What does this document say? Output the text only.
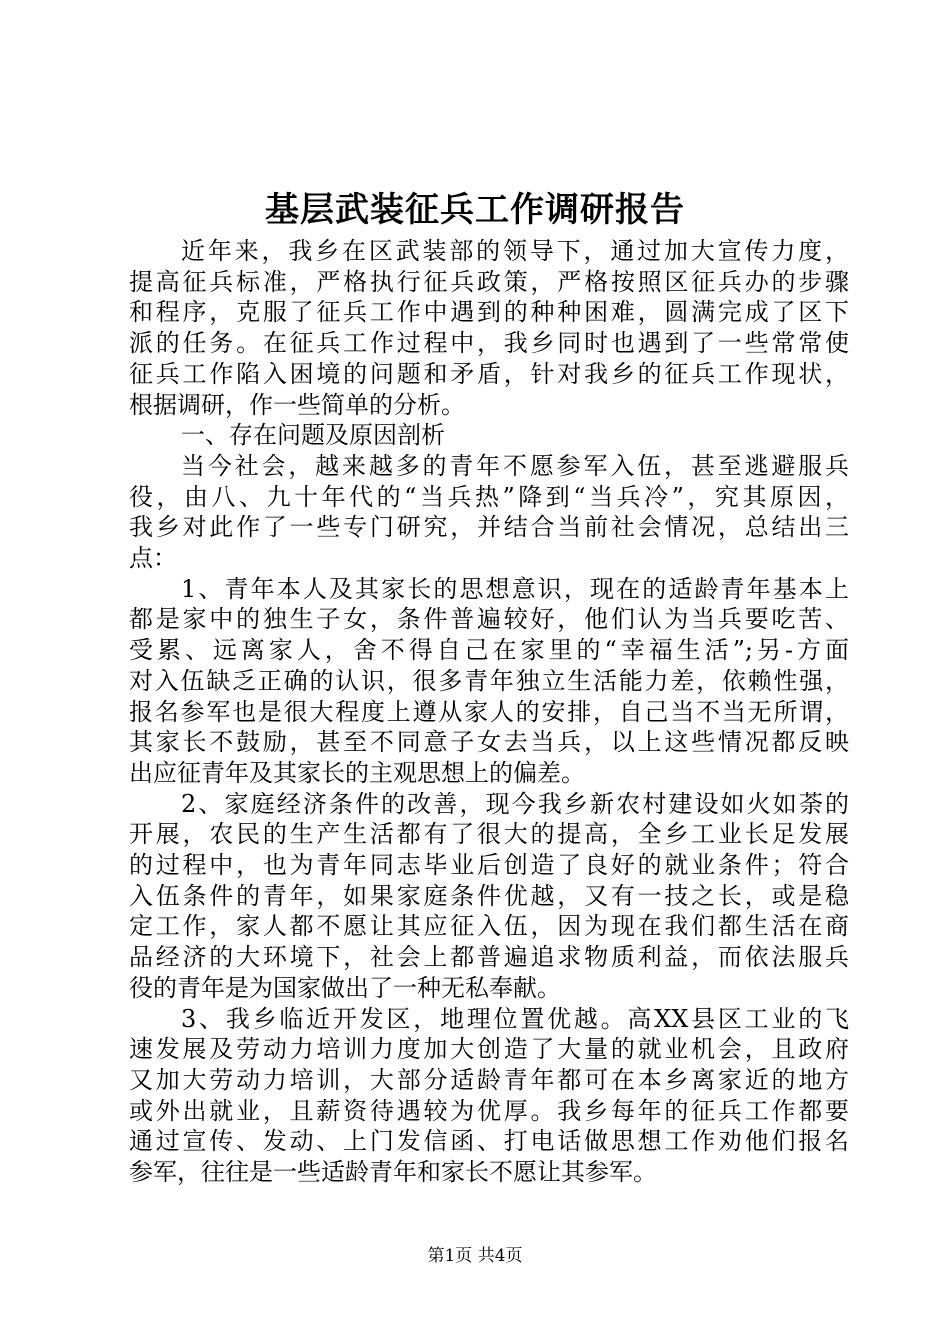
基层武装征兵工作调研报告
近年来，我乡在区武装部的领导下，通过加大宣传力度，
提高征兵标准，严格执行征兵政策，严格按照区征兵办的步骤
和程序，克服了征兵工作中遇到的种种困难，圆满完成了区下
派的任务。在征兵工作过程中，我乡同时也遇到了一些常常使
征兵工作陷入困境的问题和矛盾，针对我乡的征兵工作现状，
根据调研，作一些简单的分析。
一、存在问题及原因剖析
当今社会，越来越多的青年不愿参军入伍，甚至逃避服兵
役，由八、九十年代的“当兵热”降到“当兵冷”，究其原因，
我乡对此作了一些专门研究，并结合当前社会情况，总结出三
点：
1、青年本人及其家长的思想意识，现在的适龄青年基本上
都是家中的独生子女，条件普遍较好，他们认为当兵要吃苦、
受累、远离家人，舍不得自己在家里的“幸福生活”;另-方面
对入伍缺乏正确的认识，很多青年独立生活能力差，依赖性强，
报名参军也是很大程度上遵从家人的安排，自己当不当无所谓，
其家长不鼓励，甚至不同意子女去当兵，以上这些情况都反映
出应征青年及其家长的主观思想上的偏差。
2、家庭经济条件的改善，现今我乡新农村建设如火如荼的
开展，农民的生产生活都有了很大的提高，全乡工业长足发展
的过程中，也为青年同志毕业后创造了良好的就业条件；符合
入伍条件的青年，如果家庭条件优越，又有一技之长，或是稳
定工作，家人都不愿让其应征入伍，因为现在我们都生活在商
品经济的大环境下，社会上都普遍追求物质利益，而依法服兵
役的青年是为国家做出了一种无私奉献。
3、我乡临近开发区，地理位置优越。高XX县区工业的飞
速发展及劳动力培训力度加大创造了大量的就业机会，且政府
又加大劳动力培训，大部分适龄青年都可在本乡离家近的地方
或外出就业，且薪资待遇较为优厚。我乡每年的征兵工作都要
通过宣传、发动、上门发信函、打电话做思想工作劝他们报名
参军，往往是一些适龄青年和家长不愿让其参军。
第1页 共4页
